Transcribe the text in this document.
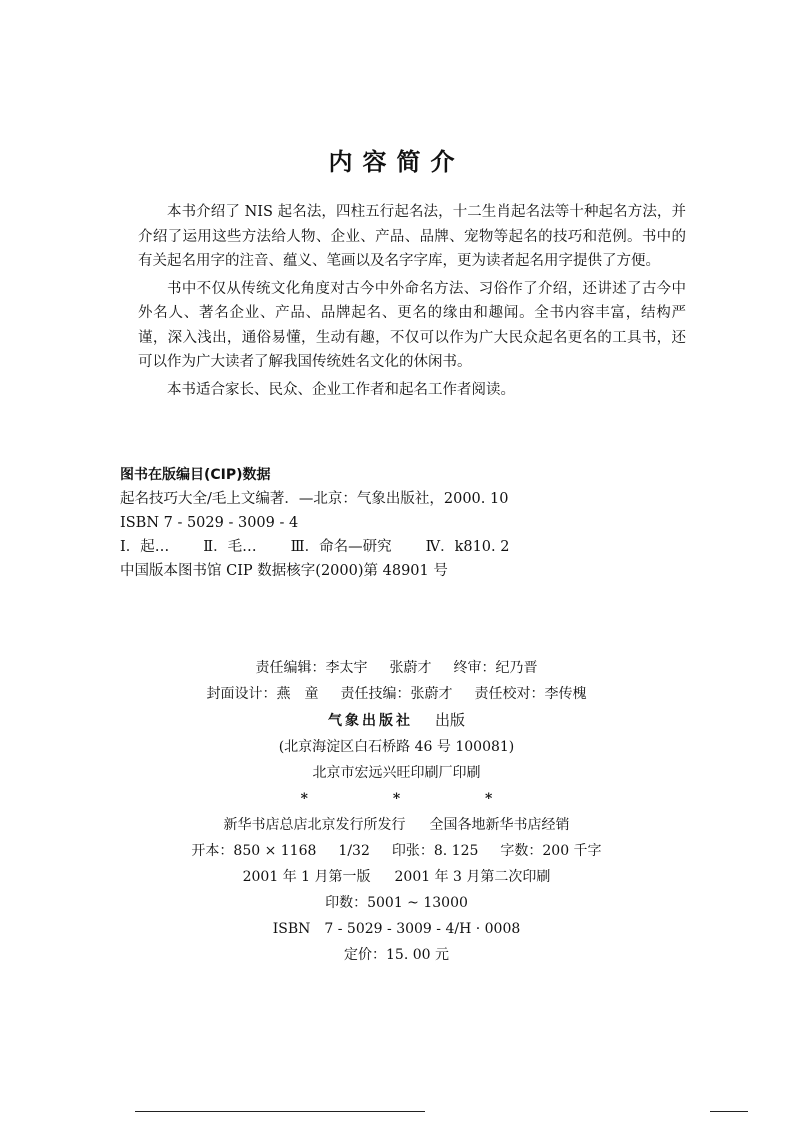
内容简介

本书介绍了 NIS 起名法，四柱五行起名法，十二生肖起名法等十种起名方法，并介绍了运用这些方法给人物、企业、产品、品牌、宠物等起名的技巧和范例。书中的有关起名用字的注音、蕴义、笔画以及名字字库，更为读者起名用字提供了方便。

书中不仅从传统文化角度对古今中外命名方法、习俗作了介绍，还讲述了古今中外名人、著名企业、产品、品牌起名、更名的缘由和趣闻。全书内容丰富，结构严谨，深入浅出，通俗易懂，生动有趣，不仅可以作为广大民众起名更名的工具书，还可以作为广大读者了解我国传统姓名文化的休闲书。

本书适合家长、民众、企业工作者和起名工作者阅读。

图书在版编目(CIP)数据
起名技巧大全/毛上文编著．—北京：气象出版社，2000. 10
ISBN 7 - 5029 - 3009 - 4
Ⅰ．起… Ⅱ．毛… Ⅲ．命名—研究 Ⅳ．k810. 2
中国版本图书馆 CIP 数据核字(2000)第 48901 号
责任编辑：李太宇 张蔚才 终审：纪乃晋
封面设计：燕　童 责任技编：张蔚才 责任校对：李传槐
气象出版社 出版
(北京海淀区白石桥路 46 号 100081)
北京市宏远兴旺印刷厂印刷
* * *
新华书店总店北京发行所发行 全国各地新华书店经销
开本：850 × 1168 1/32 印张：8. 125 字数：200 千字
2001 年 1 月第一版 2001 年 3 月第二次印刷
印数：5001 ~ 13000
ISBN　7 - 5029 - 3009 - 4/H · 0008
定价：15. 00 元
